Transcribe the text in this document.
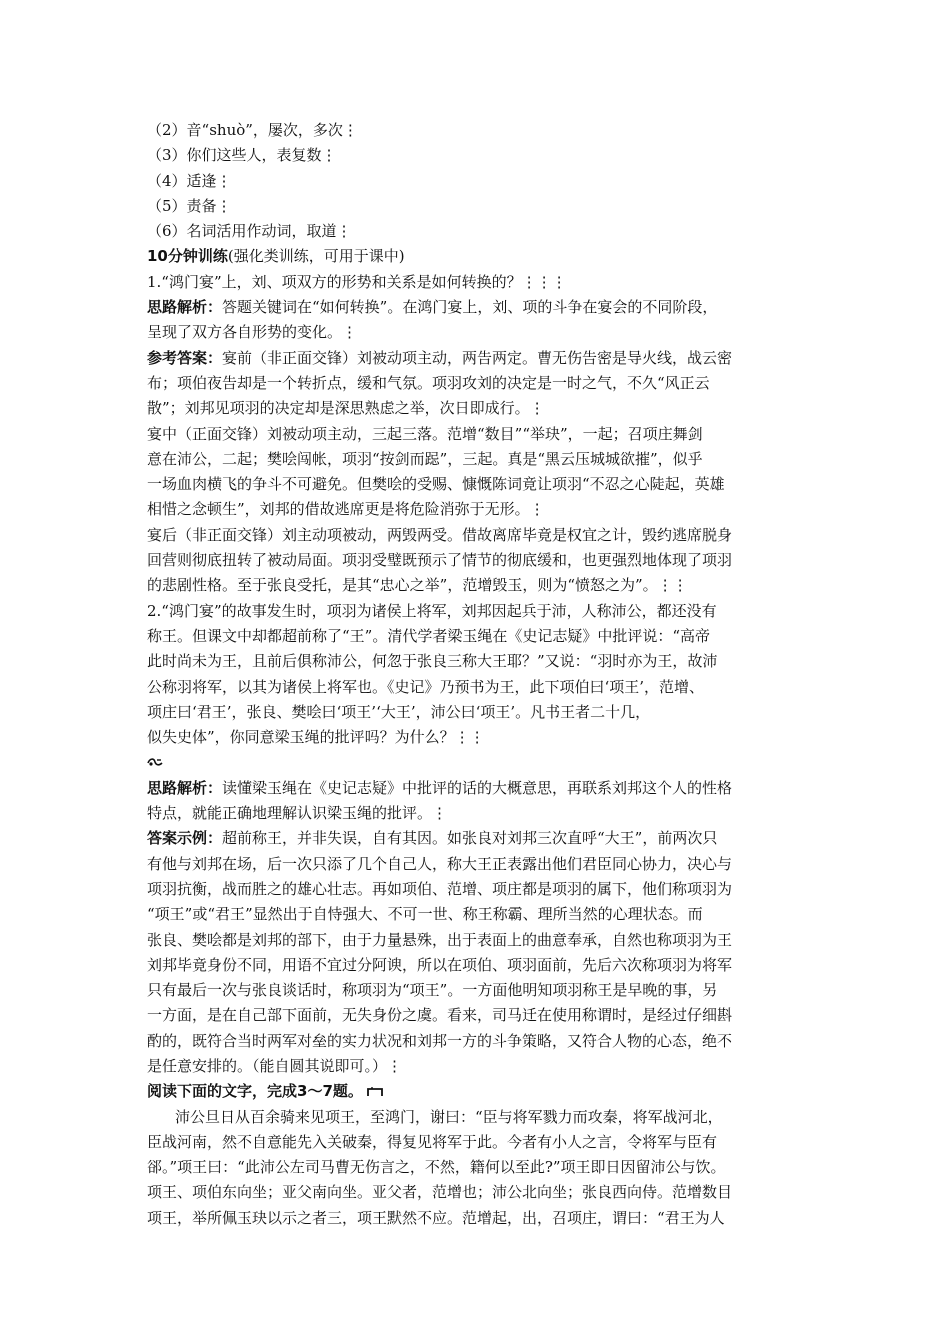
（2）音“shuò”，屡次，多次⋮
（3）你们这些人，表复数⋮
（4）适逢⋮
（5）责备⋮
（6）名词活用作动词，取道⋮
10分钟训练(强化类训练，可用于课中)
1.“鸿门宴”上，刘、项双方的形势和关系是如何转换的？⋮⋮⋮
思路解析：答题关键词在“如何转换”。在鸿门宴上，刘、项的斗争在宴会的不同阶段，
呈现了双方各自形势的变化。⋮
参考答案：宴前（非正面交锋）刘被动项主动，两告两定。曹无伤告密是导火线，战云密
布；项伯夜告却是一个转折点，缓和气氛。项羽攻刘的决定是一时之气，不久“风正云
散”；刘邦见项羽的决定却是深思熟虑之举，次日即成行。⋮
宴中（正面交锋）刘被动项主动，三起三落。范增“数目”“举玦”，一起；召项庄舞剑
意在沛公，二起；樊哙闯帐，项羽“按剑而跽”，三起。真是“黑云压城城欲摧”，似乎
一场血肉横飞的争斗不可避免。但樊哙的受赐、慷慨陈词竟让项羽“不忍之心陡起，英雄
相惜之念顿生”，刘邦的借故逃席更是将危险消弥于无形。⋮
宴后（非正面交锋）刘主动项被动，两毁两受。借故离席毕竟是权宜之计，毁约逃席脱身
回营则彻底扭转了被动局面。项羽受璧既预示了情节的彻底缓和，也更强烈地体现了项羽
的悲剧性格。至于张良受托，是其“忠心之举”，范增毁玉，则为“愤怒之为”。⋮⋮
2.“鸿门宴”的故事发生时，项羽为诸侯上将军，刘邦因起兵于沛，人称沛公，都还没有
称王。但课文中却都超前称了“王”。清代学者梁玉绳在《史记志疑》中批评说：“高帝
此时尚未为王，且前后俱称沛公，何忽于张良三称大王耶？”又说：“羽时亦为王，故沛
公称羽将军，以其为诸侯上将军也。《史记》乃预书为王，此下项伯曰‘项王’，范增、
项庄曰‘君王’，张良、樊哙曰‘项王’‘大王’，沛公曰‘项王’。凡书王者二十几，
似失史体”，你同意梁玉绳的批评吗？为什么？⋮⋮
思路解析：读懂梁玉绳在《史记志疑》中批评的话的大概意思，再联系刘邦这个人的性格
特点，就能正确地理解认识梁玉绳的批评。⋮
答案示例：超前称王，并非失误，自有其因。如张良对刘邦三次直呼“大王”，前两次只
有他与刘邦在场，后一次只添了几个自己人，称大王正表露出他们君臣同心协力，决心与
项羽抗衡，战而胜之的雄心壮志。再如项伯、范增、项庄都是项羽的属下，他们称项羽为
“项王”或“君王”显然出于自恃强大、不可一世、称王称霸、理所当然的心理状态。而
张良、樊哙都是刘邦的部下，由于力量悬殊，出于表面上的曲意奉承，自然也称项羽为王
刘邦毕竟身份不同，用语不宜过分阿谀，所以在项伯、项羽面前，先后六次称项羽为将军
只有最后一次与张良谈话时，称项羽为“项王”。一方面他明知项羽称王是早晚的事，另
一方面，是在自己部下面前，无失身份之虞。看来，司马迁在使用称谓时，是经过仔细斟
酌的，既符合当时两军对垒的实力状况和刘邦一方的斗争策略，又符合人物的心态，绝不
是任意安排的。（能自圆其说即可。）⋮
阅读下面的文字，完成3～7题。
沛公旦日从百余骑来见项王，至鸿门，谢曰：“臣与将军戮力而攻秦，将军战河北，
臣战河南，然不自意能先入关破秦，得复见将军于此。今者有小人之言，令将军与臣有
郤。”项王曰：“此沛公左司马曹无伤言之，不然，籍何以至此?”项王即日因留沛公与饮。
项王、项伯东向坐；亚父南向坐。亚父者，范增也；沛公北向坐；张良西向侍。范增数目
项王，举所佩玉玦以示之者三，项王默然不应。范增起，出，召项庄，谓曰：“君王为人
